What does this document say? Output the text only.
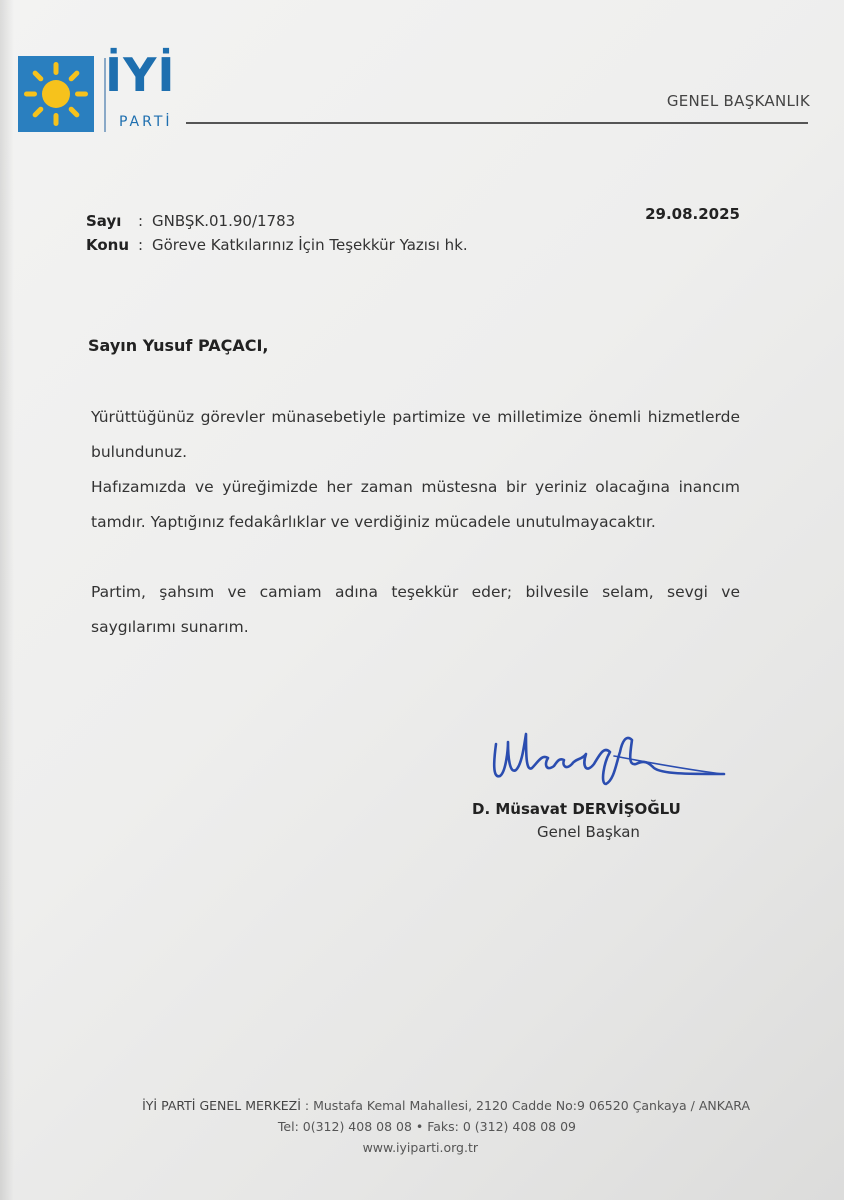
İYİ
PARTİ
GENEL BAŞKANLIK
Sayı : GNBŞK.01.90/1783
Konu : Göreve Katkılarınız İçin Teşekkür Yazısı hk.
29.08.2025
Sayın Yusuf PAÇACI,
Yürüttüğünüz görevler münasebetiyle partimize ve milletimize önemli hizmetlerde bulundunuz.
Hafızamızda ve yüreğimizde her zaman müstesna bir yeriniz olacağına inancım tamdır. Yaptığınız fedakârlıklar ve verdiğiniz mücadele unutulmayacaktır.
Partim, şahsım ve camiam adına teşekkür eder; bilvesile selam, sevgi ve saygılarımı sunarım.
D. Müsavat DERVİŞOĞLU
Genel Başkan
İYİ PARTİ GENEL MERKEZİ : Mustafa Kemal Mahallesi, 2120 Cadde No:9 06520 Çankaya / ANKARA
Tel: 0(312) 408 08 08 • Faks: 0 (312) 408 08 09
www.iyiparti.org.tr
